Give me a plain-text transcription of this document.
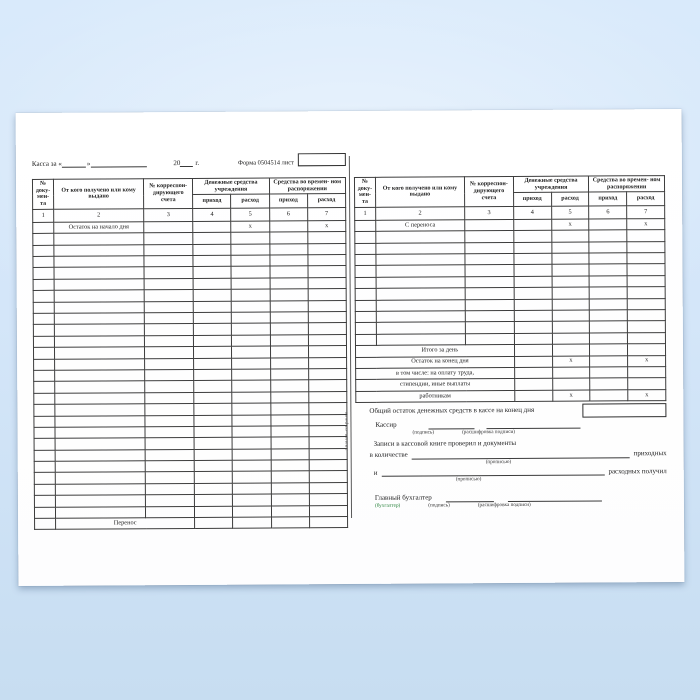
Касса за «	»	20 г.	Форма 0504514 лист
№ доку- мен- та	От кого получено или кому выдано	№ корреспон- дирующего счета	Денежные средства учреждения		Средства во времен- ном распоряжении	
			приход	расход	приход	расход
1	2	3	4	5	6	7
	Остаток на начало дня			х		х

	Перенос					
линия отреза
№ доку- мен- та	От кого получено или кому выдано	№ корреспон- дирующего счета	Денежные средства учреждения		Средства во времен- ном распоряжении	
			приход	расход	приход	расход
1	2	3	4	5	6	7
	С переноса			х		х

Итого за день						
Остаток на конец дня				х		х
в том числе: на оплату труда,						
стипендии, иные выплаты						
работникам				х		х
Общий остаток денежных средств в кассе на конец дня
Кассир
(подпись)	(расшифровка подписи)
Записи в кассовой книге проверил и документы
в количестве	приходных
(прописью)
и	расходных получил
(прописью)
Главный бухгалтер
(бухгалтер)	(подпись)	(расшифровка подписи)
